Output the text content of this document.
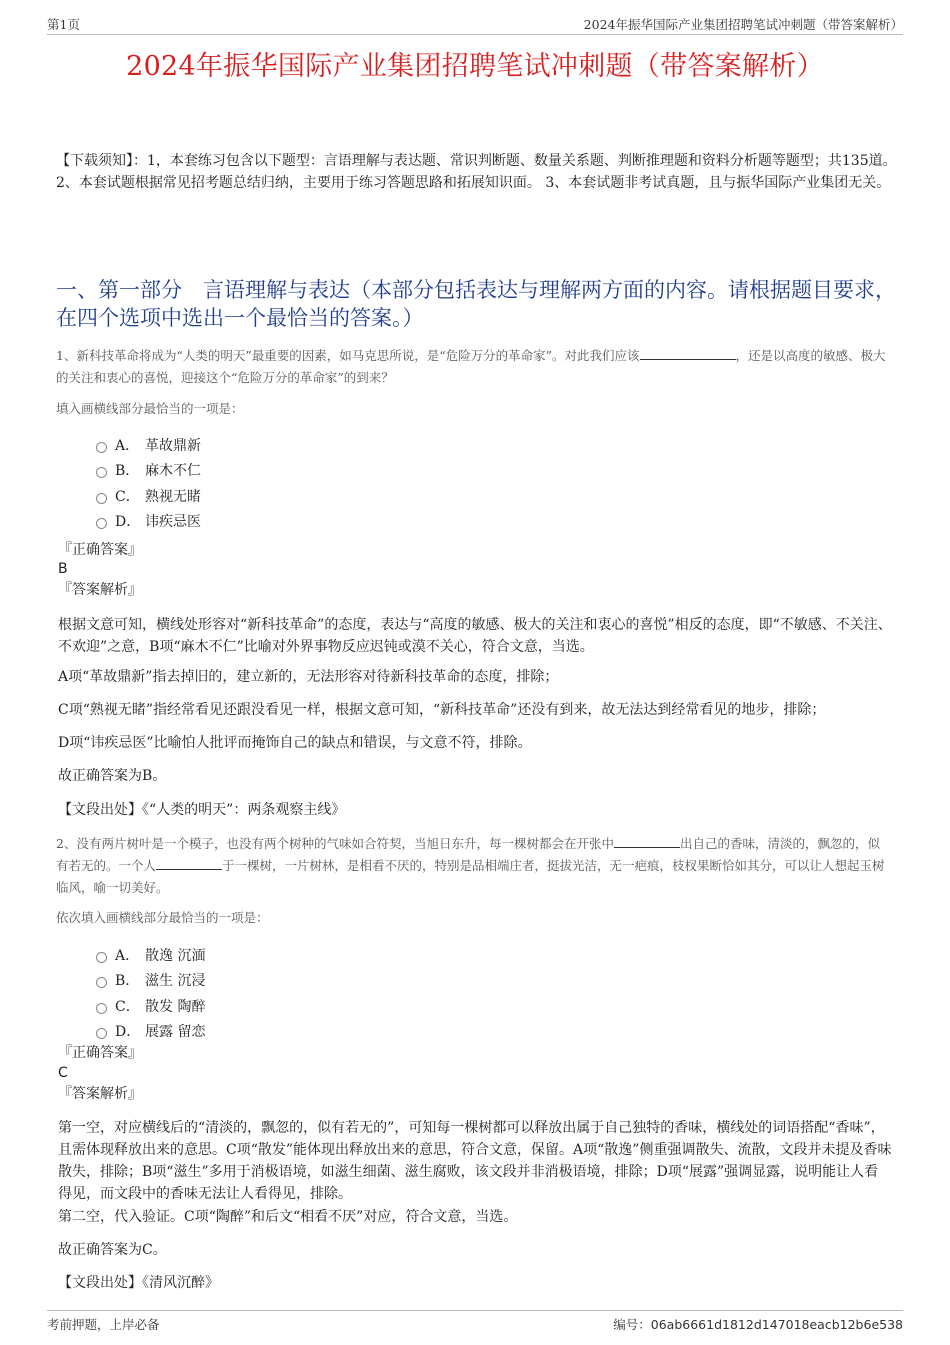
第1页	2024年振华国际产业集团招聘笔试冲刺题（带答案解析）
2024年振华国际产业集团招聘笔试冲刺题（带答案解析）
【下载须知】：1，本套练习包含以下题型：言语理解与表达题、常识判断题、数量关系题、判断推理题和资料分析题等题型；共135道。 2、本套试题根据常见招考题总结归纳，主要用于练习答题思路和拓展知识面。 3、本套试题非考试真题，且与振华国际产业集团无关。
一、第一部分　言语理解与表达（本部分包括表达与理解两方面的内容。请根据题目要求，在四个选项中选出一个最恰当的答案。）
1、新科技革命将成为“人类的明天”最重要的因素，如马克思所说，是“危险万分的革命家”。对此我们应该	，还是以高度的敏感、极大的关注和衷心的喜悦，迎接这个“危险万分的革命家”的到来？
填入画横线部分最恰当的一项是：
A． 革故鼎新
B． 麻木不仁
C． 熟视无睹
D． 讳疾忌医
『正确答案』
B
『答案解析』
根据文意可知，横线处形容对“新科技革命”的态度，表达与“高度的敏感、极大的关注和衷心的喜悦”相反的态度，即“不敏感、不关注、不欢迎”之意，B项“麻木不仁”比喻对外界事物反应迟钝或漠不关心，符合文意，当选。
A项“革故鼎新”指去掉旧的，建立新的，无法形容对待新科技革命的态度，排除；
C项“熟视无睹”指经常看见还跟没看见一样，根据文意可知，“新科技革命”还没有到来，故无法达到经常看见的地步，排除；
D项“讳疾忌医”比喻怕人批评而掩饰自己的缺点和错误，与文意不符，排除。
故正确答案为B。
【文段出处】《“人类的明天”：两条观察主线》
2、没有两片树叶是一个模子，也没有两个树种的气味如合符契，当旭日东升，每一棵树都会在开张中	出自己的香味，清淡的，飘忽的，似有若无的。一个人	于一棵树，一片树林，是相看不厌的，特别是品相端庄者，挺拔光洁，无一疤痕，枝杈果断恰如其分，可以让人想起玉树临风，喻一切美好。
依次填入画横线部分最恰当的一项是：
A． 散逸 沉湎
B． 滋生 沉浸
C． 散发 陶醉
D． 展露 留恋
『正确答案』
C
『答案解析』
第一空，对应横线后的“清淡的，飘忽的，似有若无的”，可知每一棵树都可以释放出属于自己独特的香味，横线处的词语搭配“香味”，且需体现释放出来的意思。C项“散发”能体现出释放出来的意思，符合文意，保留。A项“散逸”侧重强调散失、流散，文段并未提及香味散失，排除；B项“滋生”多用于消极语境，如滋生细菌、滋生腐败，该文段并非消极语境，排除；D项“展露”强调显露，说明能让人看得见，而文段中的香味无法让人看得见，排除。
第二空，代入验证。C项“陶醉”和后文“相看不厌”对应，符合文意，当选。
故正确答案为C。
【文段出处】《清风沉醉》
考前押题，上岸必备	编号：06ab6661d1812d147018eacb12b6e538
